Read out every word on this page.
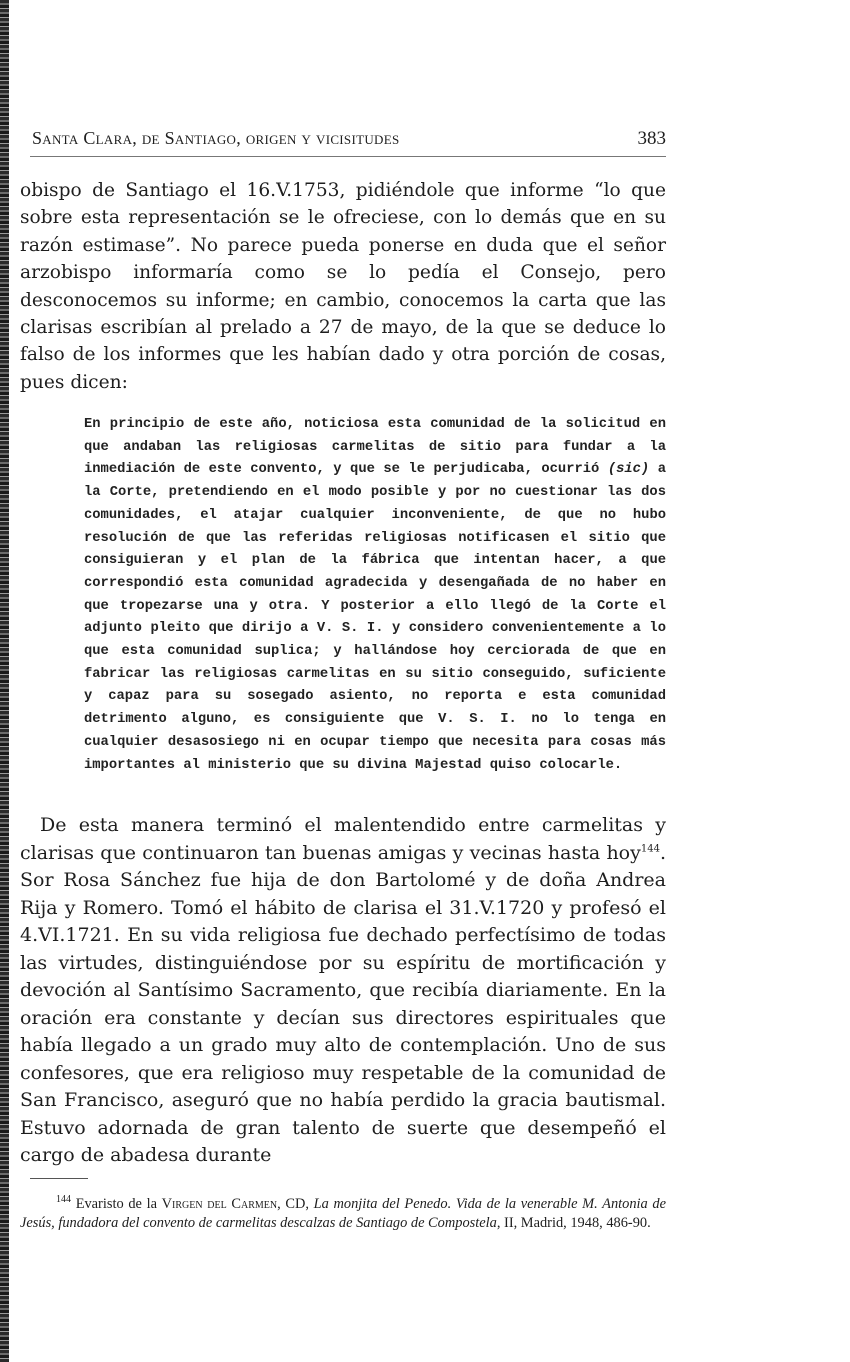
Santa Clara, de Santiago, origen y vicisitudes	383

obispo de Santiago el 16.V.1753, pidiéndole que informe “lo que sobre esta representación se le ofreciese, con lo demás que en su razón estimase”. No parece pueda ponerse en duda que el señor arzobispo informaría como se lo pedía el Consejo, pero desconocemos su informe; en cambio, conocemos la carta que las clarisas escribían al prelado a 27 de mayo, de la que se deduce lo falso de los informes que les habían dado y otra porción de cosas, pues dicen:

En principio de este año, noticiosa esta comunidad de la solicitud en que andaban las religiosas carmelitas de sitio para fundar a la inmediación de este convento, y que se le perjudicaba, ocurrió (sic) a la Corte, pretendiendo en el modo posible y por no cuestionar las dos comunidades, el atajar cualquier inconveniente, de que no hubo resolución de que las referidas religiosas notificasen el sitio que consiguieran y el plan de la fábrica que intentan hacer, a que correspondió esta comunidad agradecida y desengañada de no haber en que tropezarse una y otra. Y posterior a ello llegó de la Corte el adjunto pleito que dirijo a V. S. I. y considero convenientemente a lo que esta comunidad suplica; y hallándose hoy cerciorada de que en fabricar las religiosas carmelitas en su sitio conseguido, suficiente y capaz para su sosegado asiento, no reporta e esta comunidad detrimento alguno, es consiguiente que V. S. I. no lo tenga en cualquier desasosiego ni en ocupar tiempo que necesita para cosas más importantes al ministerio que su divina Majestad quiso colocarle.

De esta manera terminó el malentendido entre carmelitas y clarisas que continuaron tan buenas amigas y vecinas hasta hoy$^{144}$. Sor Rosa Sánchez fue hija de don Bartolomé y de doña Andrea Rija y Romero. Tomó el hábito de clarisa el 31.V.1720 y profesó el 4.VI.1721. En su vida religiosa fue dechado perfectísimo de todas las virtudes, distinguiéndose por su espíritu de mortificación y devoción al Santísimo Sacramento, que recibía diariamente. En la oración era constante y decían sus directores espirituales que había llegado a un grado muy alto de contemplación. Uno de sus confesores, que era religioso muy respetable de la comunidad de San Francisco, aseguró que no había perdido la gracia bautismal. Estuvo adornada de gran talento de suerte que desempeñó el cargo de abadesa durante

$^{144}$ Evaristo de la Virgen del Carmen, CD, La monjita del Penedo. Vida de la venerable M. Antonia de Jesús, fundadora del convento de carmelitas descalzas de Santiago de Compostela, II, Madrid, 1948, 486-90.
